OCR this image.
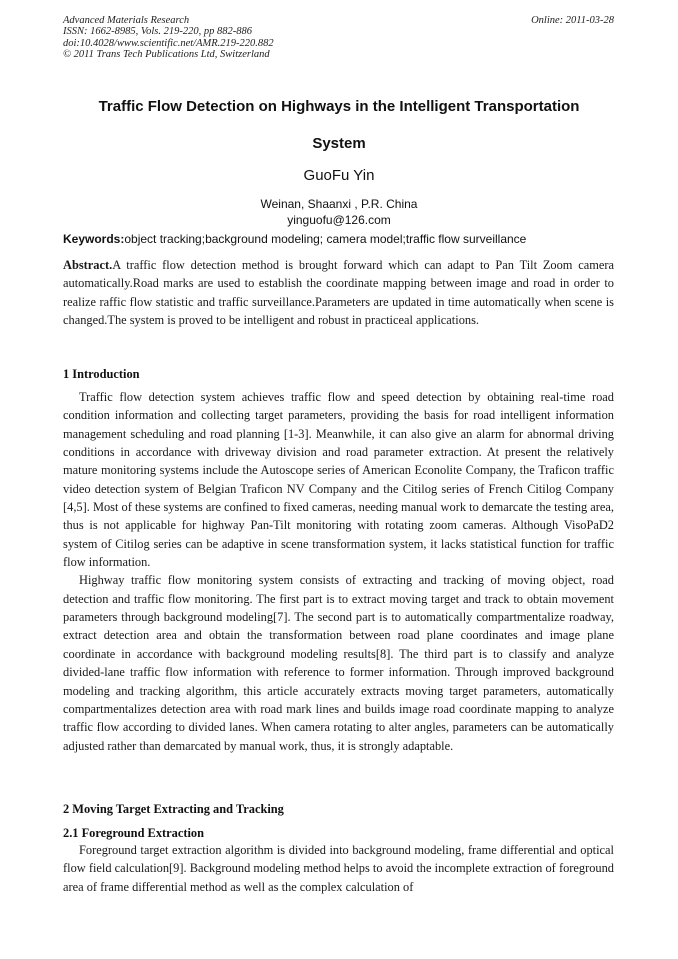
Advanced Materials Research
ISSN: 1662-8985, Vols. 219-220, pp 882-886
doi:10.4028/www.scientific.net/AMR.219-220.882
© 2011 Trans Tech Publications Ltd, Switzerland
Online: 2011-03-28
Traffic Flow Detection on Highways in the Intelligent Transportation
System
GuoFu Yin
Weinan, Shaanxi , P.R. China
yinguofu@126.com
Keywords:object tracking;background modeling; camera model;traffic flow surveillance

Abstract.A traffic flow detection method is brought forward which can adapt to Pan Tilt Zoom camera automatically.Road marks are used to establish the coordinate mapping between image and road in order to realize raffic flow statistic and traffic surveillance.Parameters are updated in time automatically when scene is changed.The system is proved to be intelligent and robust in practiceal applications.

1 Introduction

Traffic flow detection system achieves traffic flow and speed detection by obtaining real-time road condition information and collecting target parameters, providing the basis for road intelligent information management scheduling and road planning [1-3]. Meanwhile, it can also give an alarm for abnormal driving conditions in accordance with driveway division and road parameter extraction. At present the relatively mature monitoring systems include the Autoscope series of American Econolite Company, the Traficon traffic video detection system of Belgian Traficon NV Company and the Citilog series of French Citilog Company [4,5]. Most of these systems are confined to fixed cameras, needing manual work to demarcate the testing area, thus is not applicable for highway Pan-Tilt monitoring with rotating zoom cameras. Although VisoPaD2 system of Citilog series can be adaptive in scene transformation system, it lacks statistical function for traffic flow information.

Highway traffic flow monitoring system consists of extracting and tracking of moving object, road detection and traffic flow monitoring. The first part is to extract moving target and track to obtain movement parameters through background modeling[7]. The second part is to automatically compartmentalize roadway, extract detection area and obtain the transformation between road plane coordinates and image plane coordinate in accordance with background modeling results[8]. The third part is to classify and analyze divided-lane traffic flow information with reference to former information. Through improved background modeling and tracking algorithm, this article accurately extracts moving target parameters, automatically compartmentalizes detection area with road mark lines and builds image road coordinate mapping to analyze traffic flow according to divided lanes. When camera rotating to alter angles, parameters can be automatically adjusted rather than demarcated by manual work, thus, it is strongly adaptable.

2 Moving Target Extracting and Tracking
2.1 Foreground Extraction

Foreground target extraction algorithm is divided into background modeling, frame differential and optical flow field calculation[9]. Background modeling method helps to avoid the incomplete extraction of foreground area of frame differential method as well as the complex calculation of
